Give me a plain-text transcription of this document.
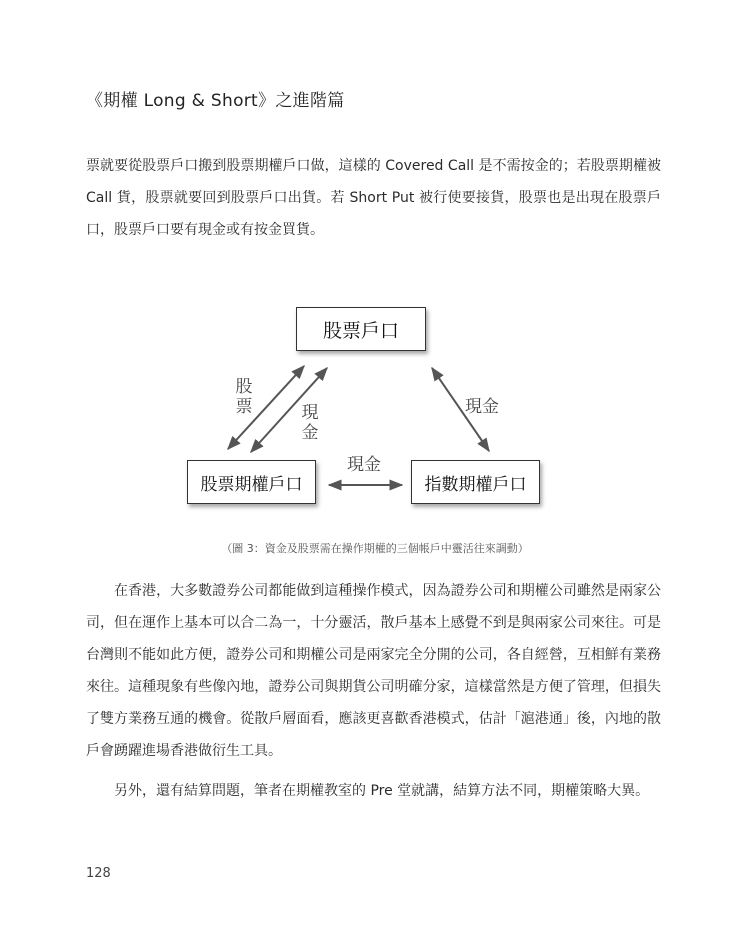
《期權 Long & Short》之進階篇
票就要從股票戶口搬到股票期權戶口做，這樣的 Covered Call 是不需按金的；若股票期權被 Call 貨，股票就要回到股票戶口出貨。若 Short Put 被行使要接貨，股票也是出現在股票戶口，股票戶口要有現金或有按金買貨。
股票戶口
股票期權戶口	指數期權戶口
股票	現金
現金
現金
（圖 3：資金及股票需在操作期權的三個帳戶中靈活往來調動）
在香港，大多數證券公司都能做到這種操作模式，因為證券公司和期權公司雖然是兩家公司，但在運作上基本可以合二為一，十分靈活，散戶基本上感覺不到是與兩家公司來往。可是台灣則不能如此方便，證券公司和期權公司是兩家完全分開的公司，各自經營，互相鮮有業務來往。這種現象有些像內地，證券公司與期貨公司明確分家，這樣當然是方便了管理，但損失了雙方業務互通的機會。從散戶層面看，應該更喜歡香港模式，估計「滬港通」後，內地的散戶會踴躍進場香港做衍生工具。
另外，還有結算問題，筆者在期權教室的 Pre 堂就講，結算方法不同，期權策略大異。
128
